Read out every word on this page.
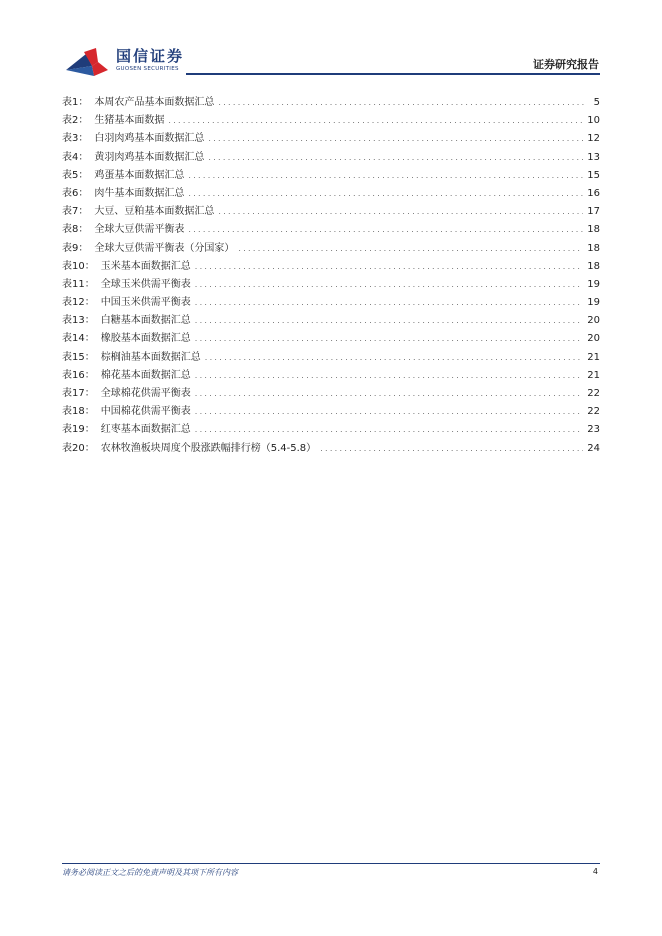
国信证券
GUOSEN SECURITIES	证券研究报告
表1： 本周农产品基本面数据汇总 .....	5
表2： 生猪基本面数据 .....	10
表3： 白羽肉鸡基本面数据汇总 .....	12
表4： 黄羽肉鸡基本面数据汇总 .....	13
表5： 鸡蛋基本面数据汇总 .....	15
表6： 肉牛基本面数据汇总 .....	16
表7： 大豆、豆粕基本面数据汇总 .....	17
表8： 全球大豆供需平衡表 .....	18
表9： 全球大豆供需平衡表（分国家） .....	18
表10： 玉米基本面数据汇总 .....	18
表11： 全球玉米供需平衡表 .....	19
表12： 中国玉米供需平衡表 .....	19
表13： 白糖基本面数据汇总 .....	20
表14： 橡胶基本面数据汇总 .....	20
表15： 棕榈油基本面数据汇总 .....	21
表16： 棉花基本面数据汇总 .....	21
表17： 全球棉花供需平衡表 .....	22
表18： 中国棉花供需平衡表 .....	22
表19： 红枣基本面数据汇总 .....	23
表20： 农林牧渔板块周度个股涨跌幅排行榜（5.4-5.8） .....	24
请务必阅读正文之后的免责声明及其项下所有内容	4
